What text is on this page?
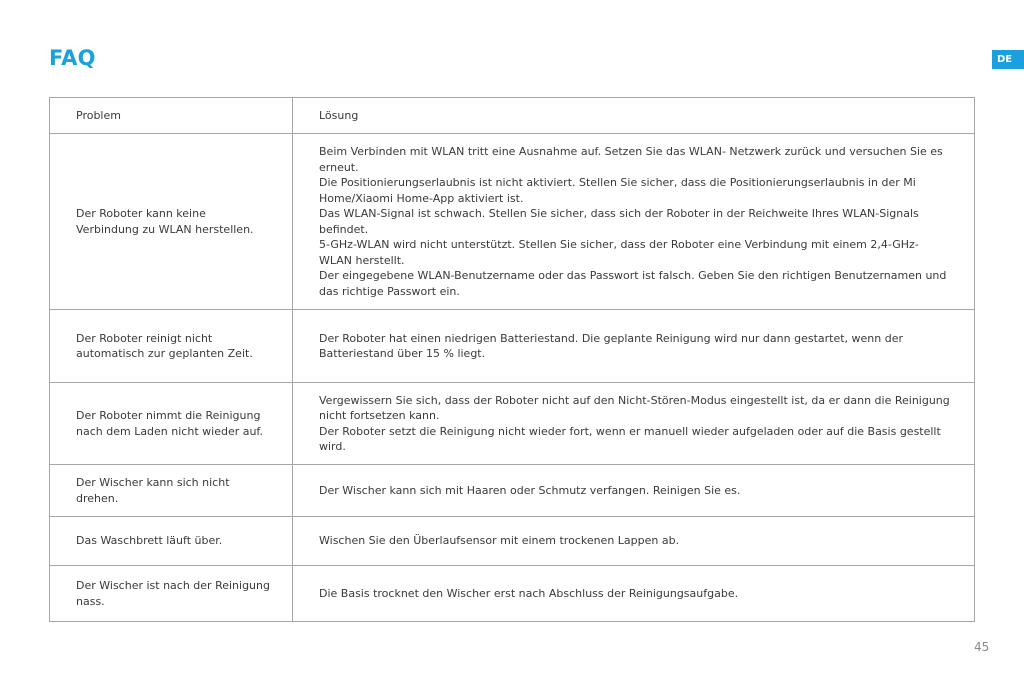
FAQ	DE
Problem	Lösung
Der Roboter kann keine Verbindung zu WLAN herstellen.	Beim Verbinden mit WLAN tritt eine Ausnahme auf. Setzen Sie das WLAN- Netzwerk zurück und versuchen Sie es erneut.
Die Positionierungserlaubnis ist nicht aktiviert. Stellen Sie sicher, dass die Positionierungserlaubnis in der Mi Home/Xiaomi Home-App aktiviert ist.
Das WLAN-Signal ist schwach. Stellen Sie sicher, dass sich der Roboter in der Reichweite Ihres WLAN-Signals befindet.
5-GHz-WLAN wird nicht unterstützt. Stellen Sie sicher, dass der Roboter eine Verbindung mit einem 2,4-GHz-WLAN herstellt.
Der eingegebene WLAN-Benutzername oder das Passwort ist falsch. Geben Sie den richtigen Benutzernamen und das richtige Passwort ein.

Der Roboter reinigt nicht automatisch zur geplanten Zeit.	Der Roboter hat einen niedrigen Batteriestand. Die geplante Reinigung wird nur dann gestartet, wenn der Batteriestand über 15 % liegt.

Der Roboter nimmt die Reinigung nach dem Laden nicht wieder auf.	Vergewissern Sie sich, dass der Roboter nicht auf den Nicht-Stören-Modus eingestellt ist, da er dann die Reinigung nicht fortsetzen kann.
Der Roboter setzt die Reinigung nicht wieder fort, wenn er manuell wieder aufgeladen oder auf die Basis gestellt wird.

Der Wischer kann sich nicht drehen.	Der Wischer kann sich mit Haaren oder Schmutz verfangen. Reinigen Sie es.

Das Waschbrett läuft über.	Wischen Sie den Überlaufsensor mit einem trockenen Lappen ab.

Der Wischer ist nach der Reinigung nass.	Die Basis trocknet den Wischer erst nach Abschluss der Reinigungsaufgabe.
45
